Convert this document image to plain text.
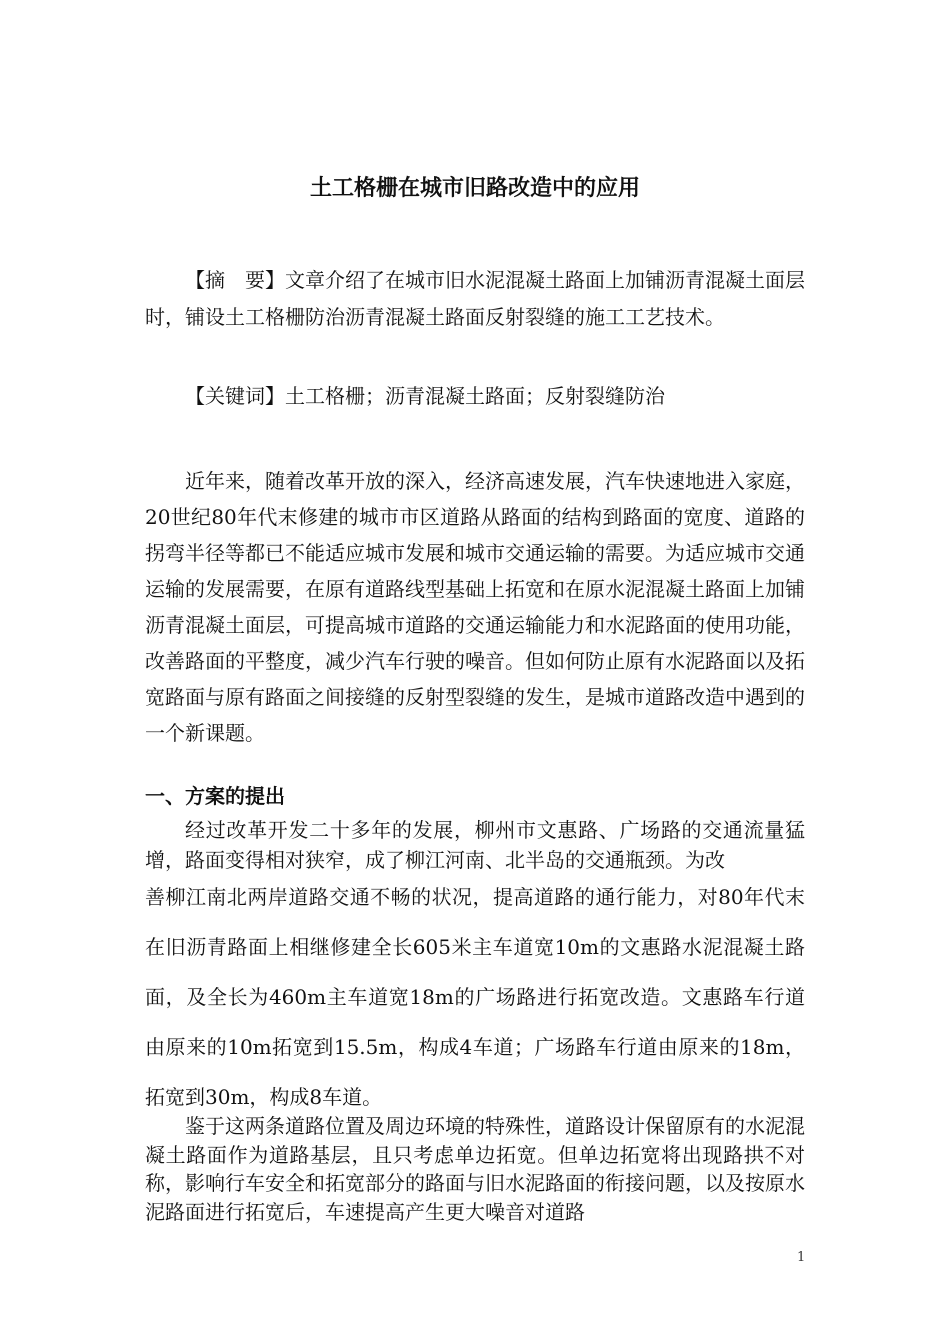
土工格栅在城市旧路改造中的应用

【摘　要】文章介绍了在城市旧水泥混凝土路面上加铺沥青混凝土面层时，铺设土工格栅防治沥青混凝土路面反射裂缝的施工工艺技术。

【关键词】土工格栅；沥青混凝土路面；反射裂缝防治

近年来，随着改革开放的深入，经济高速发展，汽车快速地进入家庭，20世纪80年代末修建的城市市区道路从路面的结构到路面的宽度、道路的拐弯半径等都已不能适应城市发展和城市交通运输的需要。为适应城市交通运输的发展需要，在原有道路线型基础上拓宽和在原水泥混凝土路面上加铺沥青混凝土面层，可提高城市道路的交通运输能力和水泥路面的使用功能，改善路面的平整度，减少汽车行驶的噪音。但如何防止原有水泥路面以及拓宽路面与原有路面之间接缝的反射型裂缝的发生，是城市道路改造中遇到的一个新课题。

一、方案的提出

经过改革开发二十多年的发展，柳州市文惠路、广场路的交通流量猛增，路面变得相对狭窄，成了柳江河南、北半岛的交通瓶颈。为改

善柳江南北两岸道路交通不畅的状况，提高道路的通行能力，对80年代末在旧沥青路面上相继修建全长605米主车道宽10m的文惠路水泥混凝土路面，及全长为460m主车道宽18m的广场路进行拓宽改造。文惠路车行道由原来的10m拓宽到15.5m，构成4车道；广场路车行道由原来的18m，拓宽到30m，构成8车道。

鉴于这两条道路位置及周边环境的特殊性，道路设计保留原有的水泥混凝土路面作为道路基层，且只考虑单边拓宽。但单边拓宽将出现路拱不对称，影响行车安全和拓宽部分的路面与旧水泥路面的衔接问题，以及按原水泥路面进行拓宽后，车速提高产生更大噪音对道路

1
